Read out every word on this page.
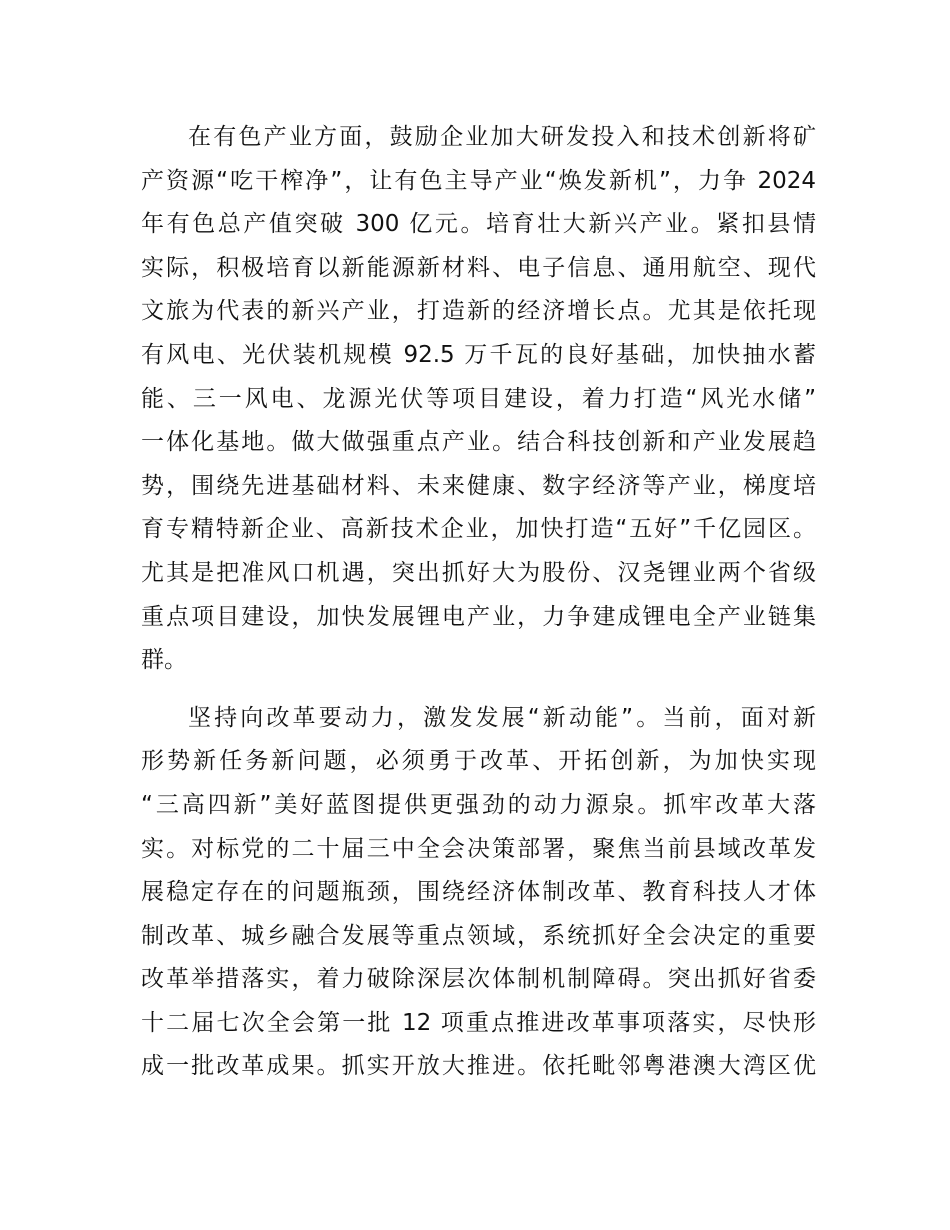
在有色产业方面，鼓励企业加大研发投入和技术创新将矿
产资源“吃干榨净”，让有色主导产业“焕发新机”，力争 2024
年有色总产值突破 300 亿元。培育壮大新兴产业。紧扣县情
实际，积极培育以新能源新材料、电子信息、通用航空、现代
文旅为代表的新兴产业，打造新的经济增长点。尤其是依托现
有风电、光伏装机规模 92.5 万千瓦的良好基础，加快抽水蓄
能、三一风电、龙源光伏等项目建设，着力打造“风光水储”
一体化基地。做大做强重点产业。结合科技创新和产业发展趋
势，围绕先进基础材料、未来健康、数字经济等产业，梯度培
育专精特新企业、高新技术企业，加快打造“五好”千亿园区。
尤其是把准风口机遇，突出抓好大为股份、汉尧锂业两个省级
重点项目建设，加快发展锂电产业，力争建成锂电全产业链集
群。
坚持向改革要动力，激发发展“新动能”。当前，面对新
形势新任务新问题，必须勇于改革、开拓创新，为加快实现
“三高四新”美好蓝图提供更强劲的动力源泉。抓牢改革大落
实。对标党的二十届三中全会决策部署，聚焦当前县域改革发
展稳定存在的问题瓶颈，围绕经济体制改革、教育科技人才体
制改革、城乡融合发展等重点领域，系统抓好全会决定的重要
改革举措落实，着力破除深层次体制机制障碍。突出抓好省委
十二届七次全会第一批 12 项重点推进改革事项落实，尽快形
成一批改革成果。抓实开放大推进。依托毗邻粤港澳大湾区优
